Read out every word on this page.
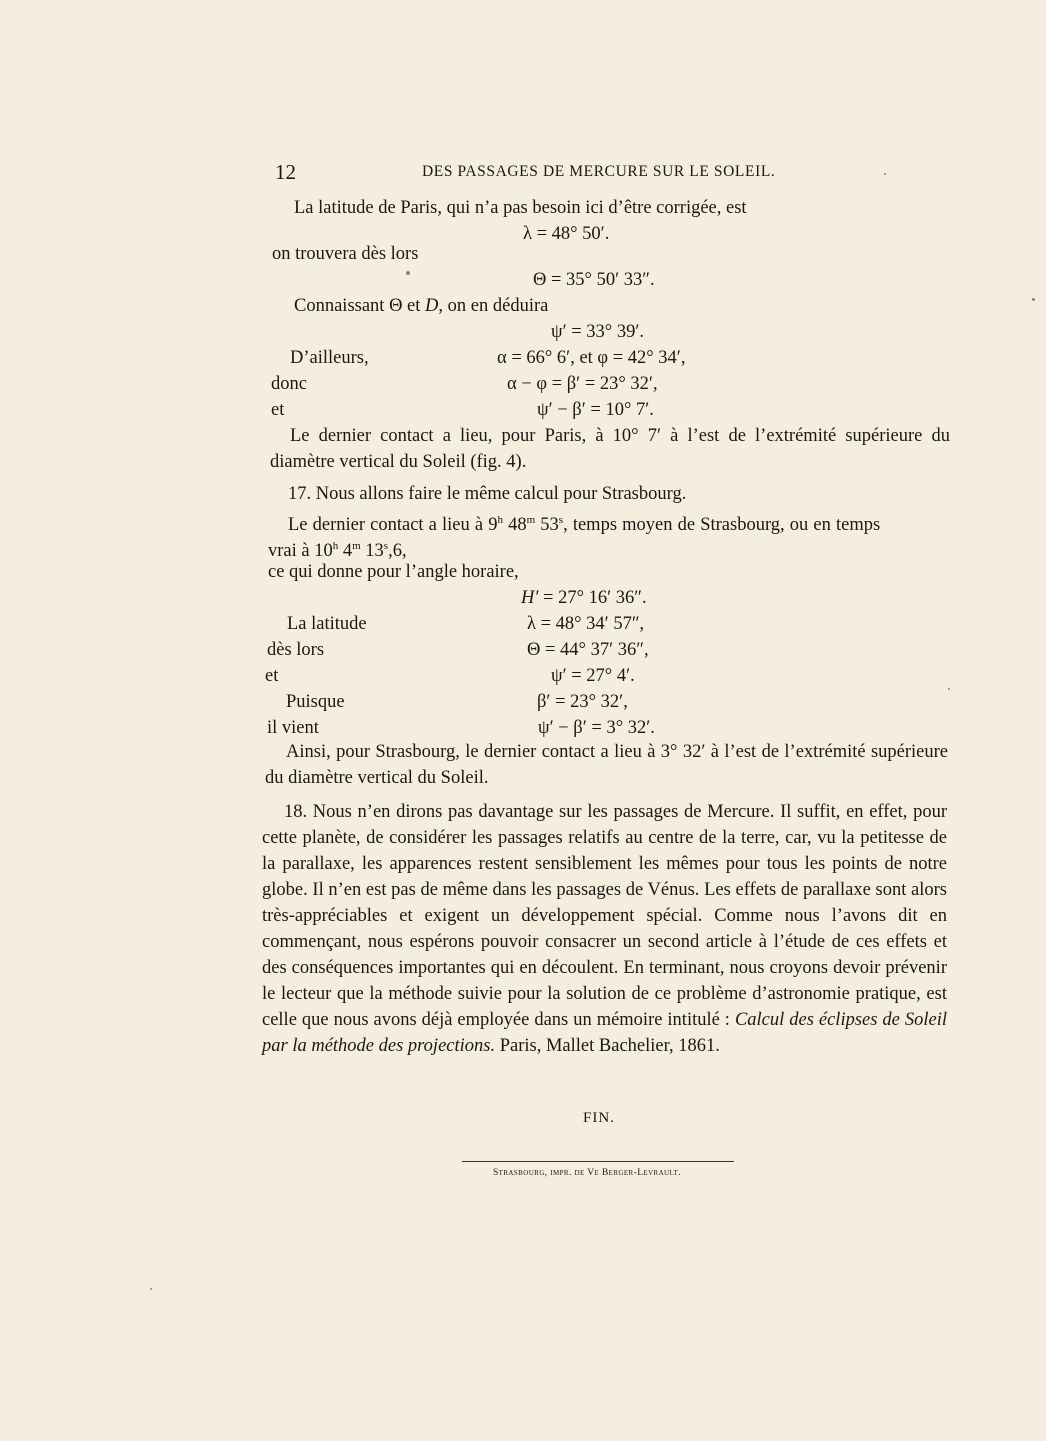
12	DES PASSAGES DE MERCURE SUR LE SOLEIL.
La latitude de Paris, qui n’a pas besoin ici d’être corrigée, est
λ = 48° 50′.
on trouvera dès lors
Θ = 35° 50′ 33″.
Connaissant Θ et D, on en déduira
ψ′ = 33° 39′.
D’ailleurs,	α = 66° 6′, et φ = 42° 34′,
donc	α − φ = β′ = 23° 32′,
et	ψ′ − β′ = 10° 7′.
Le dernier contact a lieu, pour Paris, à 10° 7′ à l’est de l’extrémité supérieure du diamètre vertical du Soleil (fig. 4).
17. Nous allons faire le même calcul pour Strasbourg.
Le dernier contact a lieu à 9$^h$ 48$^m$ 53$^s$, temps moyen de Strasbourg, ou en temps
vrai à 10$^h$ 4$^m$ 13$^s$,6,
ce qui donne pour l’angle horaire,
H′ = 27° 16′ 36″.
La latitude	λ = 48° 34′ 57″,
dès lors	Θ = 44° 37′ 36″,
et	ψ′ = 27° 4′.
Puisque	β′ = 23° 32′,
il vient	ψ′ − β′ = 3° 32′.
Ainsi, pour Strasbourg, le dernier contact a lieu à 3° 32′ à l’est de l’extrémité supérieure du diamètre vertical du Soleil.
18. Nous n’en dirons pas davantage sur les passages de Mercure. Il suffit, en effet, pour cette planète, de considérer les passages relatifs au centre de la terre, car, vu la petitesse de la parallaxe, les apparences restent sensiblement les mêmes pour tous les points de notre globe. Il n’en est pas de même dans les passages de Vénus. Les effets de parallaxe sont alors très-appréciables et exigent un développement spécial. Comme nous l’avons dit en commençant, nous espérons pouvoir consacrer un second article à l’étude de ces effets et des conséquences importantes qui en découlent. En terminant, nous croyons devoir prévenir le lecteur que la méthode suivie pour la solution de ce problème d’astronomie pratique, est celle que nous avons déjà employée dans un mémoire intitulé : Calcul des éclipses de Soleil par la méthode des projections. Paris, Mallet Bachelier, 1861.
FIN.
Strasbourg, impr. de Ve Berger-Levrault.
